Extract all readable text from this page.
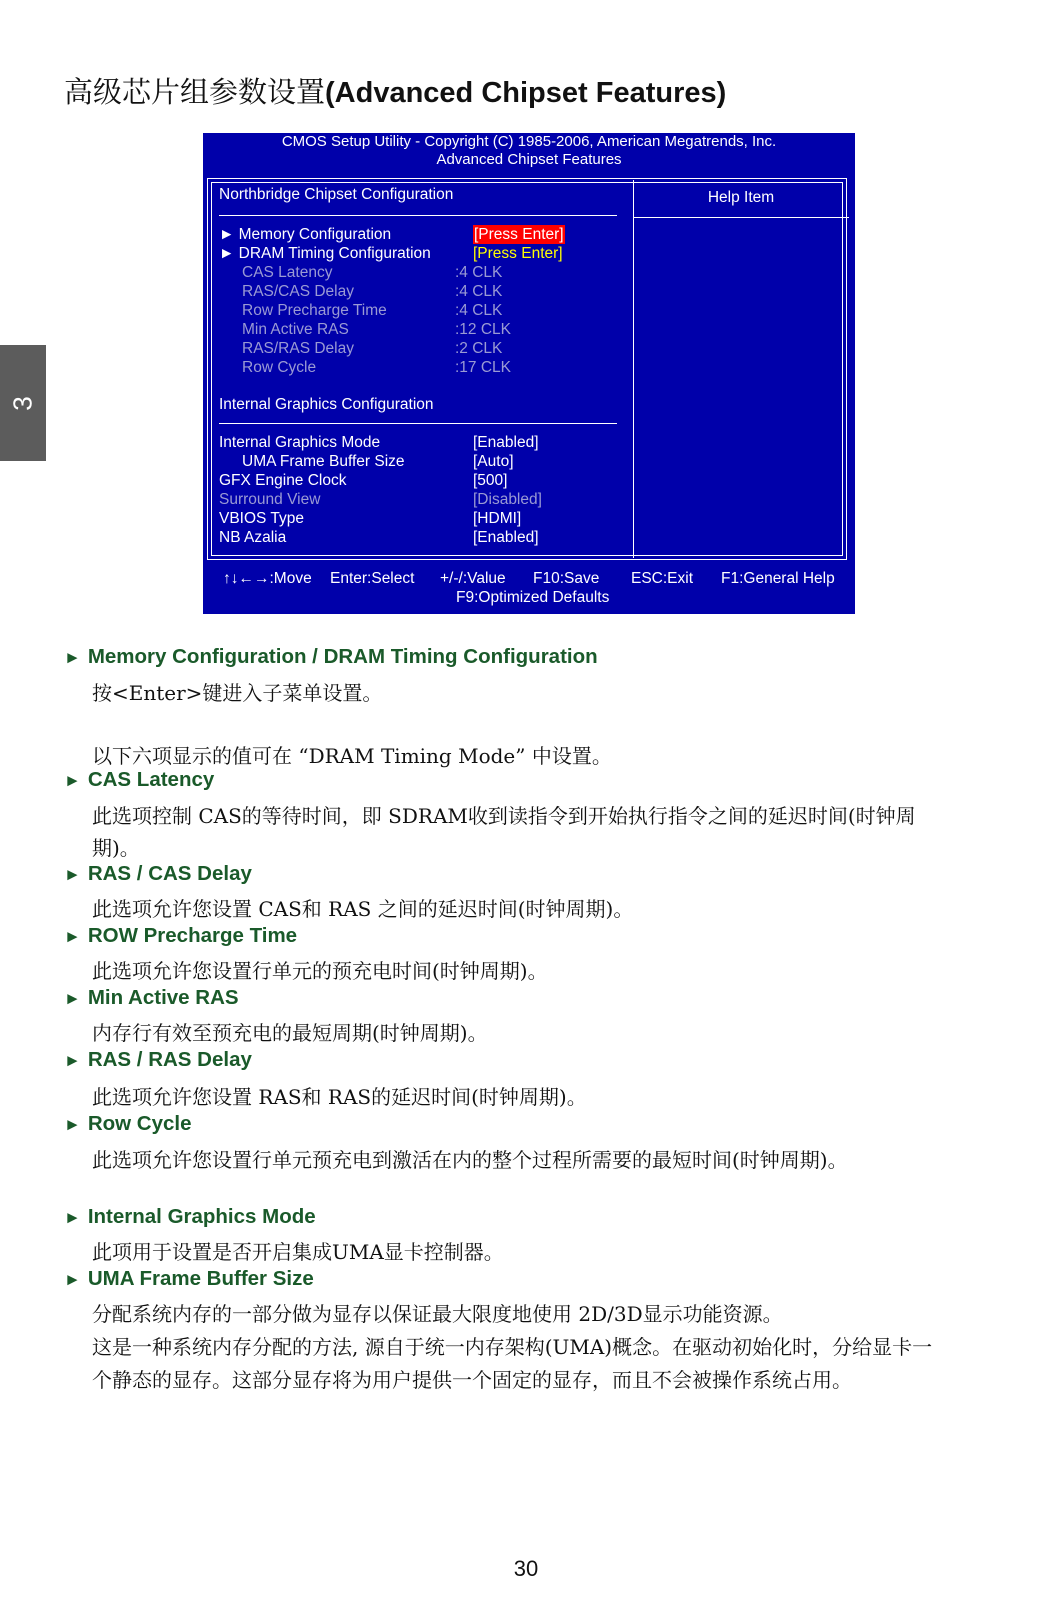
3
高级芯片组参数设置(Advanced Chipset Features)
CMOS Setup Utility - Copyright (C) 1985-2006, American Megatrends, Inc.
Advanced Chipset Features
Help Item
Northbridge Chipset Configuration
► Memory Configuration	[Press Enter]
► DRAM Timing Configuration	[Press Enter]
CAS Latency	:4 CLK
RAS/CAS Delay	:4 CLK
Row Precharge Time	:4 CLK
Min Active RAS	:12 CLK
RAS/RAS Delay	:2 CLK
Row Cycle	:17 CLK
Internal Graphics Configuration
Internal Graphics Mode	[Enabled]
UMA Frame Buffer Size	[Auto]
GFX Engine Clock	[500]
Surround View	[Disabled]
VBIOS Type	[HDMI]
NB Azalia	[Enabled]
↑↓←→:Move Enter:Select +/-/:Value F10:Save ESC:Exit F1:General Help
F9:Optimized Defaults
► Memory Configuration / DRAM Timing Configuration
按<Enter>键进入子菜单设置。
以下六项显示的值可在 “DRAM Timing Mode” 中设置。
► CAS Latency
此选项控制 CAS的等待时间，即 SDRAM收到读指令到开始执行指令之间的延迟时间(时钟周
期)。
► RAS / CAS Delay
此选项允许您设置 CAS和 RAS 之间的延迟时间(时钟周期)。
► ROW Precharge Time
此选项允许您设置行单元的预充电时间(时钟周期)。
► Min Active RAS
内存行有效至预充电的最短周期(时钟周期)。
► RAS / RAS Delay
此选项允许您设置 RAS和 RAS的延迟时间(时钟周期)。
► Row Cycle
此选项允许您设置行单元预充电到激活在内的整个过程所需要的最短时间(时钟周期)。
► Internal Graphics Mode
此项用于设置是否开启集成UMA显卡控制器。
► UMA Frame Buffer Size
分配系统内存的一部分做为显存以保证最大限度地使用 2D/3D显示功能资源。
这是一种系统内存分配的方法, 源自于统一内存架构(UMA)概念。在驱动初始化时，分给显卡一
个静态的显存。这部分显存将为用户提供一个固定的显存，而且不会被操作系统占用。
30
